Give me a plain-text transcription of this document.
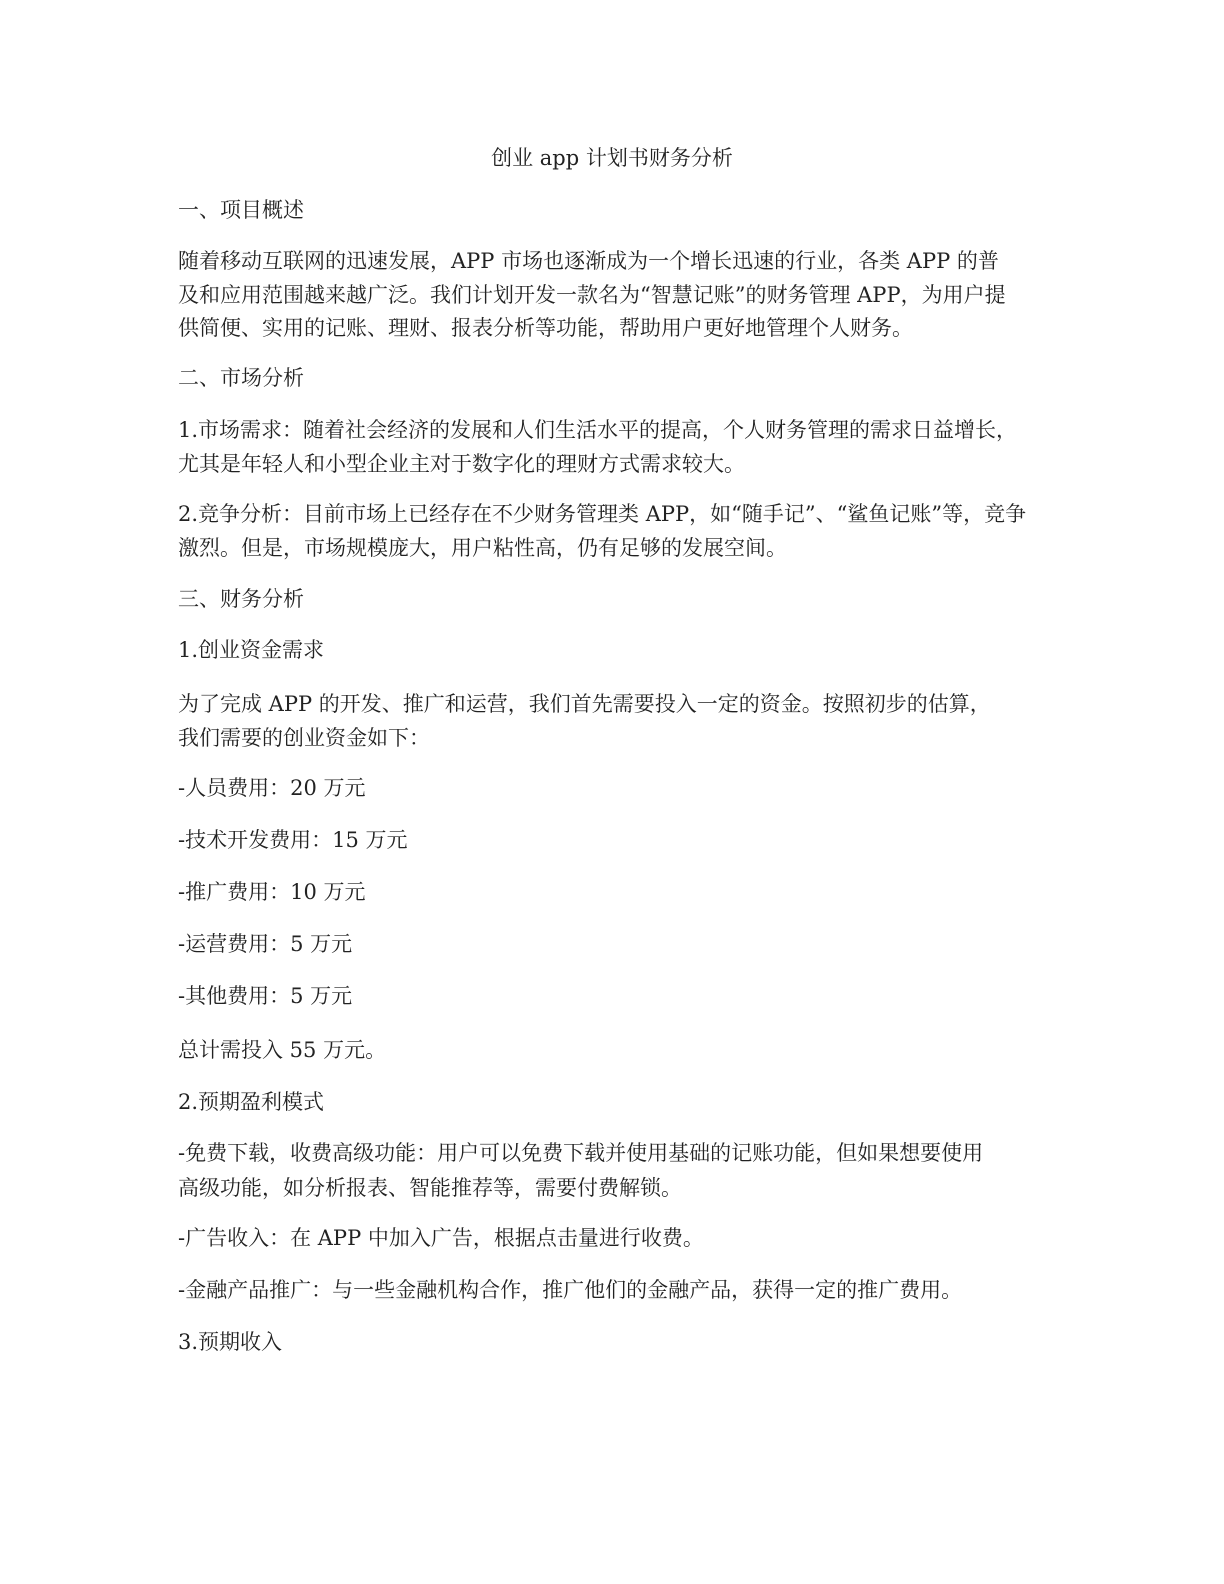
创业 app 计划书财务分析

一、项目概述

随着移动互联网的迅速发展，APP 市场也逐渐成为一个增长迅速的行业，各类 APP 的普

及和应用范围越来越广泛。我们计划开发一款名为“智慧记账”的财务管理 APP，为用户提

供简便、实用的记账、理财、报表分析等功能，帮助用户更好地管理个人财务。

二、市场分析

1.市场需求：随着社会经济的发展和人们生活水平的提高，个人财务管理的需求日益增长，

尤其是年轻人和小型企业主对于数字化的理财方式需求较大。

2.竞争分析：目前市场上已经存在不少财务管理类 APP，如“随手记”、“鲨鱼记账”等，竞争

激烈。但是，市场规模庞大，用户粘性高，仍有足够的发展空间。

三、财务分析

1.创业资金需求

为了完成 APP 的开发、推广和运营，我们首先需要投入一定的资金。按照初步的估算，

我们需要的创业资金如下：

-人员费用：20 万元

-技术开发费用：15 万元

-推广费用：10 万元

-运营费用：5 万元

-其他费用：5 万元

总计需投入 55 万元。

2.预期盈利模式

-免费下载，收费高级功能：用户可以免费下载并使用基础的记账功能，但如果想要使用

高级功能，如分析报表、智能推荐等，需要付费解锁。

-广告收入：在 APP 中加入广告，根据点击量进行收费。

-金融产品推广：与一些金融机构合作，推广他们的金融产品，获得一定的推广费用。

3.预期收入
